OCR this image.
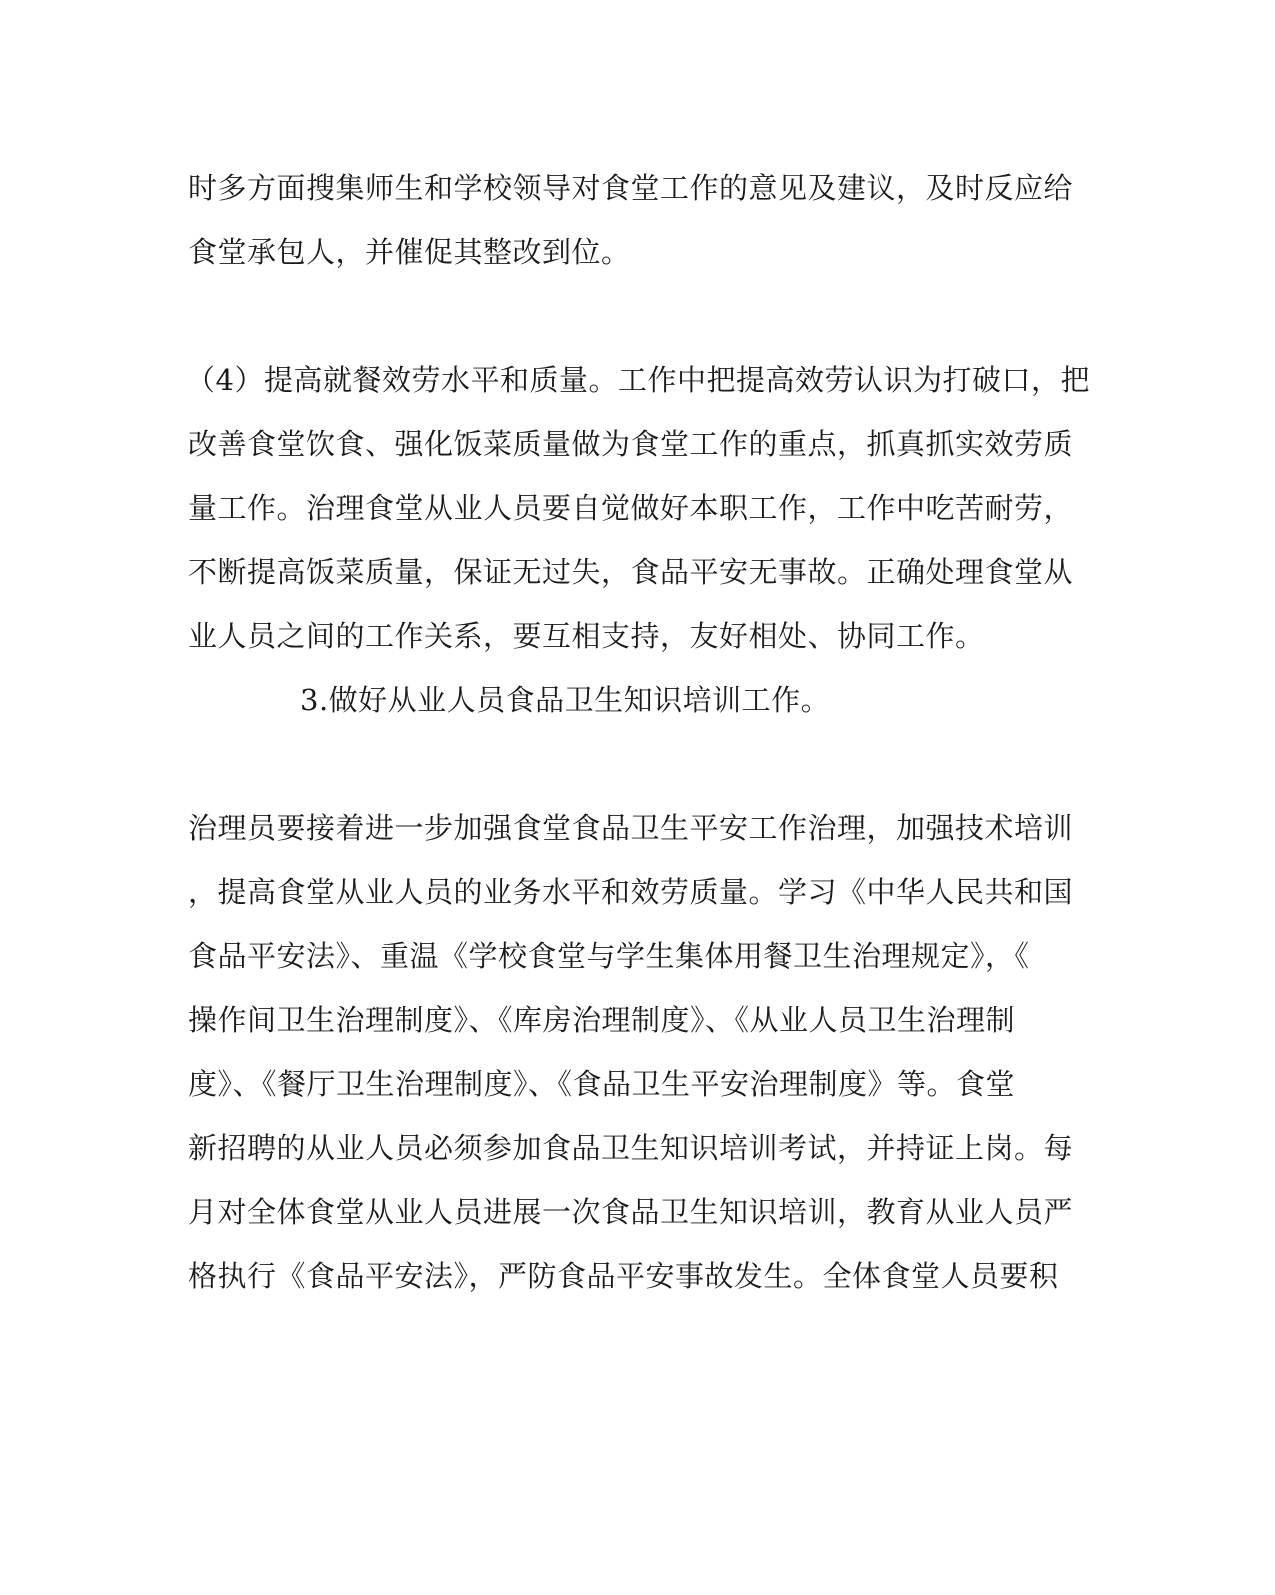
时多方面搜集师生和学校领导对食堂工作的意见及建议，及时反应给
食堂承包人，并催促其整改到位。
（4）提高就餐效劳水平和质量。工作中把提高效劳认识为打破口，把
改善食堂饮食、强化饭菜质量做为食堂工作的重点，抓真抓实效劳质
量工作。治理食堂从业人员要自觉做好本职工作，工作中吃苦耐劳，
不断提高饭菜质量，保证无过失，食品平安无事故。正确处理食堂从
业人员之间的工作关系，要互相支持，友好相处、协同工作。
3.做好从业人员食品卫生知识培训工作。
治理员要接着进一步加强食堂食品卫生平安工作治理，加强技术培训
，提高食堂从业人员的业务水平和效劳质量。学习《中华人民共和国
食品平安法》、重温《学校食堂与学生集体用餐卫生治理规定》，《
操作间卫生治理制度》、《库房治理制度》、《从业人员卫生治理制
度》、《餐厅卫生治理制度》、《食品卫生平安治理制度》等。食堂
新招聘的从业人员必须参加食品卫生知识培训考试，并持证上岗。每
月对全体食堂从业人员进展一次食品卫生知识培训，教育从业人员严
格执行《食品平安法》，严防食品平安事故发生。全体食堂人员要积
